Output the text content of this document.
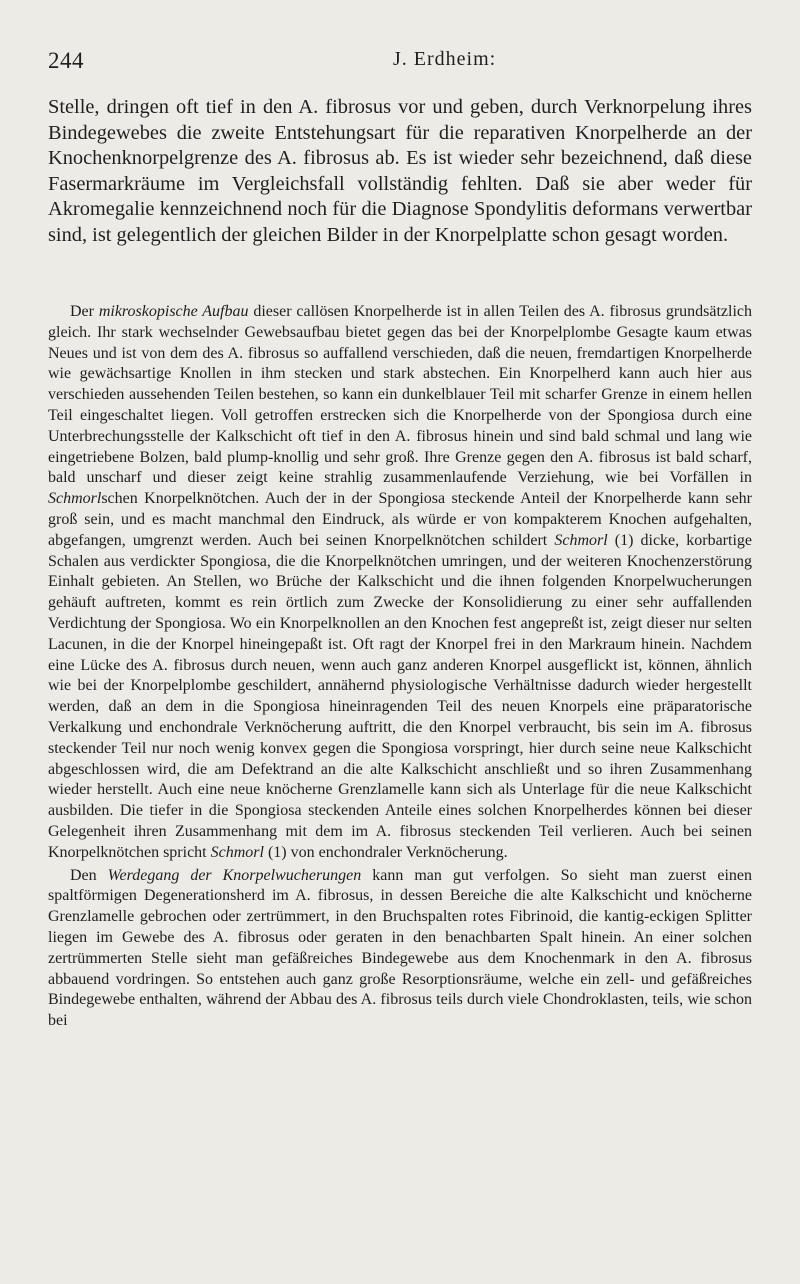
244	J. Erdheim:

Stelle, dringen oft tief in den A. fibrosus vor und geben, durch Verknorpelung ihres Bindegewebes die zweite Entstehungsart für die reparativen Knorpelherde an der Knochenknorpelgrenze des A. fibrosus ab. Es ist wieder sehr bezeichnend, daß diese Fasermarkräume im Vergleichsfall vollständig fehlten. Daß sie aber weder für Akromegalie kennzeichnend noch für die Diagnose Spondylitis deformans verwertbar sind, ist gelegentlich der gleichen Bilder in der Knorpelplatte schon gesagt worden.

Der mikroskopische Aufbau dieser callösen Knorpelherde ist in allen Teilen des A. fibrosus grundsätzlich gleich. Ihr stark wechselnder Gewebsaufbau bietet gegen das bei der Knorpelplombe Gesagte kaum etwas Neues und ist von dem des A. fibrosus so auffallend verschieden, daß die neuen, fremdartigen Knorpelherde wie gewächsartige Knollen in ihm stecken und stark abstechen. Ein Knorpelherd kann auch hier aus verschieden aussehenden Teilen bestehen, so kann ein dunkelblauer Teil mit scharfer Grenze in einem hellen Teil eingeschaltet liegen. Voll getroffen erstrecken sich die Knorpelherde von der Spongiosa durch eine Unterbrechungsstelle der Kalkschicht oft tief in den A. fibrosus hinein und sind bald schmal und lang wie eingetriebene Bolzen, bald plump-knollig und sehr groß. Ihre Grenze gegen den A. fibrosus ist bald scharf, bald unscharf und dieser zeigt keine strahlig zusammenlaufende Verziehung, wie bei Vorfällen in Schmorlschen Knorpelknötchen. Auch der in der Spongiosa steckende Anteil der Knorpelherde kann sehr groß sein, und es macht manchmal den Eindruck, als würde er von kompakterem Knochen aufgehalten, abgefangen, umgrenzt werden. Auch bei seinen Knorpelknötchen schildert Schmorl (1) dicke, korbartige Schalen aus verdickter Spongiosa, die die Knorpelknötchen umringen, und der weiteren Knochenzerstörung Einhalt gebieten. An Stellen, wo Brüche der Kalkschicht und die ihnen folgenden Knorpelwucherungen gehäuft auftreten, kommt es rein örtlich zum Zwecke der Konsolidierung zu einer sehr auffallenden Verdichtung der Spongiosa. Wo ein Knorpelknollen an den Knochen fest angepreßt ist, zeigt dieser nur selten Lacunen, in die der Knorpel hineingepaßt ist. Oft ragt der Knorpel frei in den Markraum hinein. Nachdem eine Lücke des A. fibrosus durch neuen, wenn auch ganz anderen Knorpel ausgeflickt ist, können, ähnlich wie bei der Knorpelplombe geschildert, annähernd physiologische Verhältnisse dadurch wieder hergestellt werden, daß an dem in die Spongiosa hineinragenden Teil des neuen Knorpels eine präparatorische Verkalkung und enchondrale Verknöcherung auftritt, die den Knorpel verbraucht, bis sein im A. fibrosus steckender Teil nur noch wenig konvex gegen die Spongiosa vorspringt, hier durch seine neue Kalkschicht abgeschlossen wird, die am Defektrand an die alte Kalkschicht anschließt und so ihren Zusammenhang wieder herstellt. Auch eine neue knöcherne Grenzlamelle kann sich als Unterlage für die neue Kalkschicht ausbilden. Die tiefer in die Spongiosa steckenden Anteile eines solchen Knorpelherdes können bei dieser Gelegenheit ihren Zusammenhang mit dem im A. fibrosus steckenden Teil verlieren. Auch bei seinen Knorpelknötchen spricht Schmorl (1) von enchondraler Verknöcherung.

Den Werdegang der Knorpelwucherungen kann man gut verfolgen. So sieht man zuerst einen spaltförmigen Degenerationsherd im A. fibrosus, in dessen Bereiche die alte Kalkschicht und knöcherne Grenzlamelle gebrochen oder zertrümmert, in den Bruchspalten rotes Fibrinoid, die kantig-eckigen Splitter liegen im Gewebe des A. fibrosus oder geraten in den benachbarten Spalt hinein. An einer solchen zertrümmerten Stelle sieht man gefäßreiches Bindegewebe aus dem Knochenmark in den A. fibrosus abbauend vordringen. So entstehen auch ganz große Resorptionsräume, welche ein zell- und gefäßreiches Bindegewebe enthalten, während der Abbau des A. fibrosus teils durch viele Chondroklasten, teils, wie schon bei
